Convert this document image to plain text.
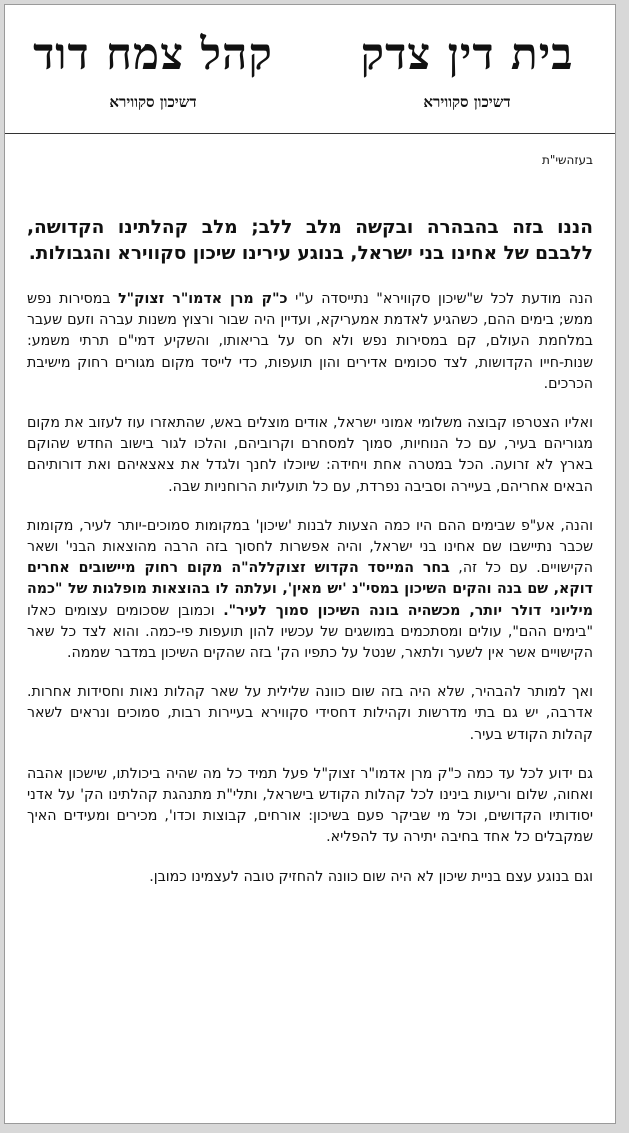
בית דין צדק
דשיכון סקווירא
קהל צמח דוד
דשיכון סקווירא
בעזהשי"ת

הננו בזה בהבהרה ובקשה מלב ללב; מלב קהלתינו הקדושה, ללבבם של אחינו בני ישראל, בנוגע עירינו שיכון סקווירא והגבולות.

הנה מודעת לכל ש"שיכון סקווירא" נתייסדה ע"י כ"ק מרן אדמו"ר זצוק"ל במסירות נפש ממש; בימים ההם, כשהגיע לאדמת אמעריקא, ועדיין היה שבור ורצוץ משנות עברה וזעם שעבר במלחמת העולם, קם במסירות נפש ולא חס על בריאותו, והשקיע דמי"ם תרתי משמע: שנות-חייו הקדושות, לצד סכומים אדירים והון תועפות, כדי לייסד מקום מגורים רחוק מישיבת הכרכים.

ואליו הצטרפו קבוצה משלומי אמוני ישראל, אודים מוצלים באש, שהתאזרו עוז לעזוב את מקום מגוריהם בעיר, עם כל הנוחיות, סמוך למסחרם וקרוביהם, והלכו לגור בישוב החדש שהוקם בארץ לא זרועה. הכל במטרה אחת ויחידה: שיוכלו לחנך ולגדל את צאצאיהם ואת דורותיהם הבאים אחריהם, בעיירה וסביבה נפרדת, עם כל תועליות הרוחניות שבה.

והנה, אע"פ שבימים ההם היו כמה הצעות לבנות 'שיכון' במקומות סמוכים-יותר לעיר, מקומות שכבר נתיישבו שם אחינו בני ישראל, והיה אפשרות לחסוך בזה הרבה מהוצאות הבני' ושאר הקישויים. עם כל זה, בחר המייסד הקדוש זצוקללה"ה מקום רחוק מיישובים אחרים דוקא, שם בנה והקים השיכון במסי"נ 'יש מאין', ועלתה לו בהוצאות מופלגות של "כמה מיליוני דולר יותר, מכשהיה בונה השיכון סמוך לעיר". וכמובן שסכומים עצומים כאלו "בימים ההם", עולים ומסתכמים במושגים של עכשיו להון תועפות פי-כמה. והוא לצד כל שאר הקישויים אשר אין לשער ולתאר, שנטל על כתפיו הק' בזה שהקים השיכון במדבר שממה.

ואך למותר להבהיר, שלא היה בזה שום כוונה שלילית על שאר קהלות נאות וחסידות אחרות. אדרבה, יש גם בתי מדרשות וקהילות דחסידי סקווירא בעיירות רבות, סמוכים ונראים לשאר קהלות הקודש בעיר.

גם ידוע לכל עד כמה כ"ק מרן אדמו"ר זצוק"ל פעל תמיד כל מה שהיה ביכולתו, שישכון אהבה ואחוה, שלום וריעות בינינו לכל קהלות הקודש בישראל, ותלי"ת מתנהגת קהלתינו הק' על אדני יסודותיו הקדושים, וכל מי שביקר פעם בשיכון: אורחים, קבוצות וכדו', מכירים ומעידים האיך שמקבלים כל אחד בחיבה יתירה עד להפליא.

וגם בנוגע עצם בניית שיכון לא היה שום כוונה להחזיק טובה לעצמינו כמובן.
